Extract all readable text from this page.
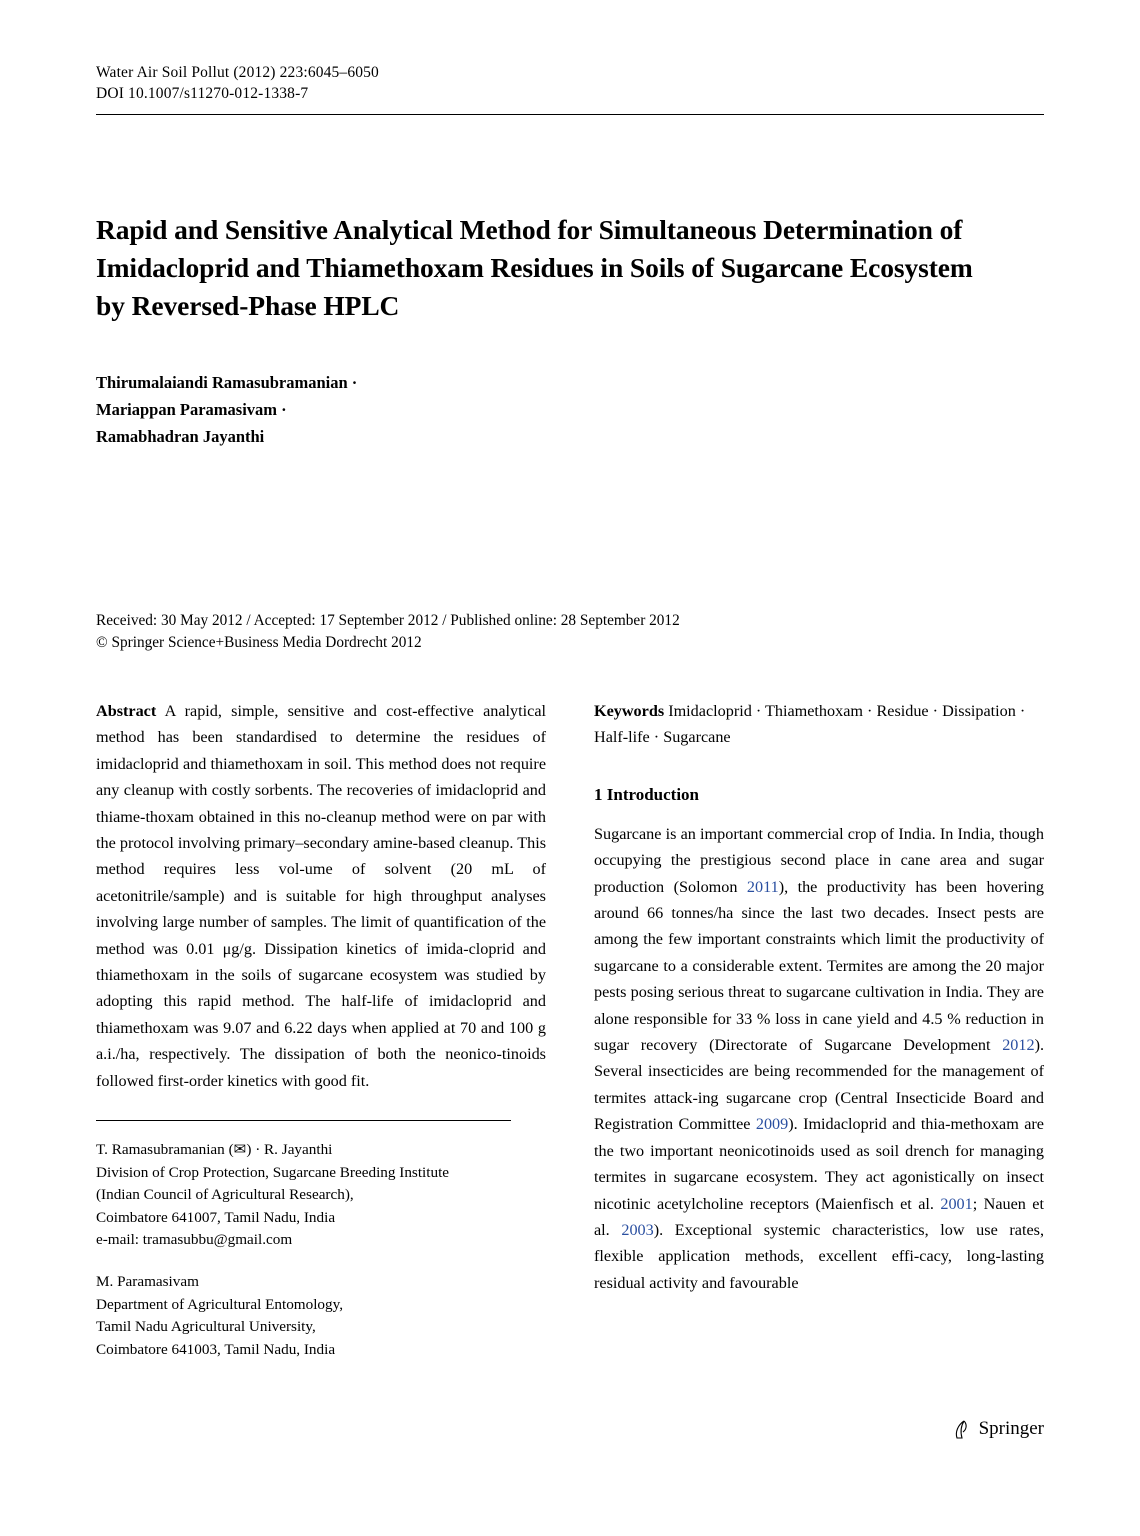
Water Air Soil Pollut (2012) 223:6045–6050
DOI 10.1007/s11270-012-1338-7
Rapid and Sensitive Analytical Method for Simultaneous Determination of Imidacloprid and Thiamethoxam Residues in Soils of Sugarcane Ecosystem by Reversed-Phase HPLC
Thirumalaiandi Ramasubramanian ·
Mariappan Paramasivam ·
Ramabhadran Jayanthi
Received: 30 May 2012 / Accepted: 17 September 2012 / Published online: 28 September 2012
© Springer Science+Business Media Dordrecht 2012
Abstract A rapid, simple, sensitive and cost-effective analytical method has been standardised to determine the residues of imidacloprid and thiamethoxam in soil. This method does not require any cleanup with costly sorbents. The recoveries of imidacloprid and thiame-thoxam obtained in this no-cleanup method were on par with the protocol involving primary–secondary amine-based cleanup. This method requires less vol-ume of solvent (20 mL of acetonitrile/sample) and is suitable for high throughput analyses involving large number of samples. The limit of quantification of the method was 0.01 μg/g. Dissipation kinetics of imida-cloprid and thiamethoxam in the soils of sugarcane ecosystem was studied by adopting this rapid method. The half-life of imidacloprid and thiamethoxam was 9.07 and 6.22 days when applied at 70 and 100 g a.i./ha, respectively. The dissipation of both the neonico-tinoids followed first-order kinetics with good fit.
T. Ramasubramanian (✉) · R. Jayanthi
Division of Crop Protection, Sugarcane Breeding Institute
(Indian Council of Agricultural Research),
Coimbatore 641007, Tamil Nadu, India
e-mail: tramasubbu@gmail.com
M. Paramasivam
Department of Agricultural Entomology,
Tamil Nadu Agricultural University,
Coimbatore 641003, Tamil Nadu, India
Keywords Imidacloprid · Thiamethoxam · Residue · Dissipation · Half-life · Sugarcane
1 Introduction
Sugarcane is an important commercial crop of India. In India, though occupying the prestigious second place in cane area and sugar production (Solomon 2011), the productivity has been hovering around 66 tonnes/ha since the last two decades. Insect pests are among the few important constraints which limit the productivity of sugarcane to a considerable extent. Termites are among the 20 major pests posing serious threat to sugarcane cultivation in India. They are alone responsible for 33 % loss in cane yield and 4.5 % reduction in sugar recovery (Directorate of Sugarcane Development 2012). Several insecticides are being recommended for the management of termites attack-ing sugarcane crop (Central Insecticide Board and Registration Committee 2009). Imidacloprid and thia-methoxam are the two important neonicotinoids used as soil drench for managing termites in sugarcane ecosystem. They act agonistically on insect nicotinic acetylcholine receptors (Maienfisch et al. 2001; Nauen et al. 2003). Exceptional systemic characteristics, low use rates, flexible application methods, excellent effi-cacy, long-lasting residual activity and favourable
Springer
